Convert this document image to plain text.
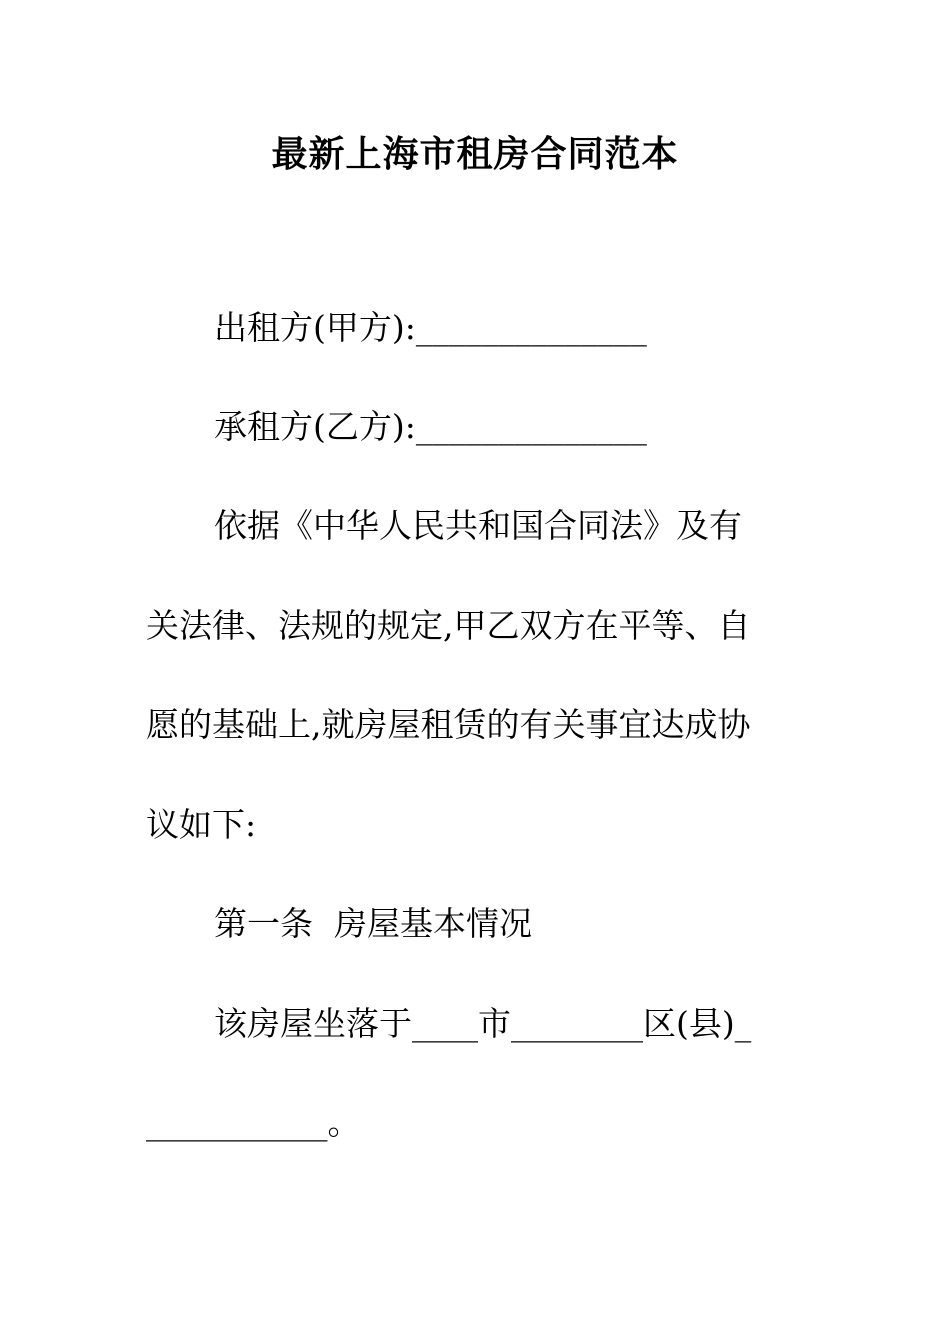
最新上海市租房合同范本
出租方(甲方):______________
承租方(乙方):______________
依据《中华人民共和国合同法》及有
关法律、法规的规定,甲乙双方在平等、自
愿的基础上,就房屋租赁的有关事宜达成协
议如下:
第一条  房屋基本情况
该房屋坐落于____市________区(县)_
___________。
